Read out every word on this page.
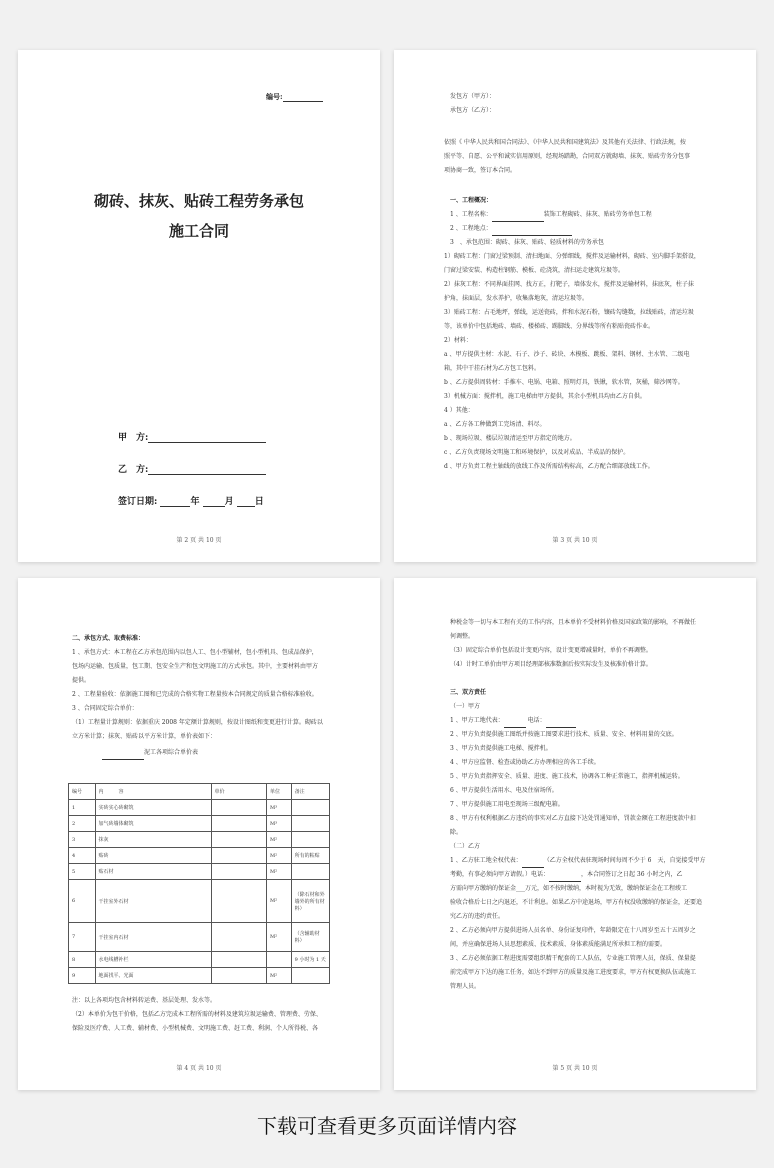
编号:
砌砖、抹灰、贴砖工程劳务承包
施工合同
甲　方:
乙　方:
签订日期:	年	月 日
第 2 页 共 10 页
发包方（甲方）：
承包方（乙方）：
依照《 中华人民共和国合同法》、《中华人民共和国建筑法》及其他有关法律、行政法规，按
照平等、自愿、公平和诚实信用原则，经现场踏勘，合同双方就砌墙、抹灰、贴砖劳务分包事
项协商一致，签订本合同。
一、工程概况：
1 、工程名称：	装饰工程砌砖、抹灰、贴砖劳务单包工程
2 、工程地点：
3　、承包范围：砌砖、抹灰、贴砖、轻质材料的劳务承包
1）砌砖工程：门窗过梁预制、清扫地面、分弹细线，搅拌及运输材料，砌砖、室内脚手架搭设，
门窗过梁安装、构造柱钢筋、模板、砼浇筑，清扫运走建筑垃圾等。
2）抹灰工程：不同界面挂网、找方正，打靶子，墙体发水，搅拌及运输材料，抹底灰，柱子抹
护角，抹面层，发水养护，收集落地灰，清运垃圾等。
3）贴砖工程：占毛地坪，弹线，运送瓷砖，拌和水泥石粉，镶砖勾缝数，拉线贴砖，清运垃圾
等，该单价中包括地砖、墙砖、楼梯砖、踢脚线、分界线等所有粘贴瓷砖作业。
2）材料：
a 、甲方提供主材：水泥、石子、沙子、砖块、木模板、跳板、架料、钢材、主水管、二级电
箱，其中干挂石材为乙方包工包料。
b 、乙方提供周转材：手推车、电锅、电箱、照明灯具，铁锹，软水管，灰桶，筛沙网等。
3）机械方面：搅拌机，施工电梯由甲方提供，其余小型机具均由乙方自供。
4 ）其他：
a 、乙方各工种做到工完场清、料尽。
b 、现场垃圾、楼层垃圾清运至甲方指定的地方。
c 、乙方负责现场文明施工和环境保护，以及对成品、半成品的保护。
d 、甲方负责工程主轴线的放线工作及所需结构标高，乙方配合细部放线工作。
第 3 页 共 10 页
二、承包方式、取费标准：
1 、承包方式：本工程在乙方承包范围内以包人工、包小型辅材，包小型机具、包成品保护，
包场内运输、包质量，包工期、包安全生产和包文明施工的方式承包。其中，主要材料由甲方
提供。
2 、工程量验收：依据施工图和已完成的合格实物工程量按本合同规定的质量合格标准验收。
3 、合同固定综合单价：
（1）工程量计算规则：依据重庆 2008 年定额计算规则，按设计图纸和变更进行计算。砌砖以
立方米计算；抹灰、贴砖以平方米计算，单价表如下：
泥工各项综合单价表
编号	内　　　容	单价	单位	备注
1	实砖实心砖砌筑		M³	
2	加气砖墙体砌筑		M³	
3	抹灰		M²	
4	贴砖		M²	所有的粘贴
5	贴石材		M²	
6	干挂室外石材		M²	（除石材和外墙外的所有材料）
7	干挂室内石材		M²	（含辅助材料）
8	水电线槽补栏			9 小时为 1 天
9	地面找平、光面		M²	
注：以上各项均包含材料转运费、基层处理、发水等。
（2）本单价为包干价格，包括乙方完成本工程所需的材料及建筑垃圾运输费、管理费、劳保、
保险及医疗费、人工费、辅材费、小型机械费、文明施工费、赶工费、利润、个人所得税、各
第 4 页 共 10 页
种税金等一切与本工程有关的工作内容，且本单价不受材料价格及国家政策的影响，不再做任
何调整。
（3）固定综合单价包括设计变更内容，设计变更增减量时，单价不再调整。
（4）计时工单价由甲方项目经理部核准数据后按实际发生及核准价格计算。
三、双方责任
（一）甲方
1 、甲方工地代表：	电话：
2 、甲方负责提供施工图纸并按施工图要求进行技术、质量、安全、材料用量的交底。
3 、甲方负责提供施工电梯、搅拌机。
4 、甲方应监督、检查或协助乙方办理相应的各工手续。
5 、甲方负责指挥安全、质量、进度、施工技术，协调各工种正常施工，指挥机械运转。
6 、甲方提供生活用水、电及住宿场所。
7 、甲方提供施工用电至现场三级配电箱。
8 、甲方有权利根据乙方违约的事实对乙方直接下达处罚通知单，罚款金额在工程进度款中扣
除。
（二）乙方
1 、乙方驻工地全权代表：	（乙方全权代表驻现场时间每周不少于 6　天，自觉接受甲方
考勤，有事必须向甲方请假。）电话：	，本合同签订之日起 36 小时之内，乙
方需向甲方缴纳的保证金___万元，如不按时缴纳，本时视为无效，缴纳保证金在工程竣工
验收合格后七日之内退还，不计利息。如果乙方中途退场，甲方有权没收缴纳的保证金，还要追
究乙方的违约责任。
2 、乙方必须向甲方提供进场人员名单、身份证复印件，年龄限定在十八周岁至五十五周岁之
间，并应确保进场人员思想素质、技术素质、身体素质能满足所承担工程的需要。
3 、乙方必须依据工程进度需要组织精干配套的工人队伍，专业施工管理人员，保质、保量提
前完成甲方下达的施工任务，如达不到甲方的质量及施工进度要求，甲方有权更换队伍或施工
管理人员。
第 5 页 共 10 页
下载可查看更多页面详情内容
